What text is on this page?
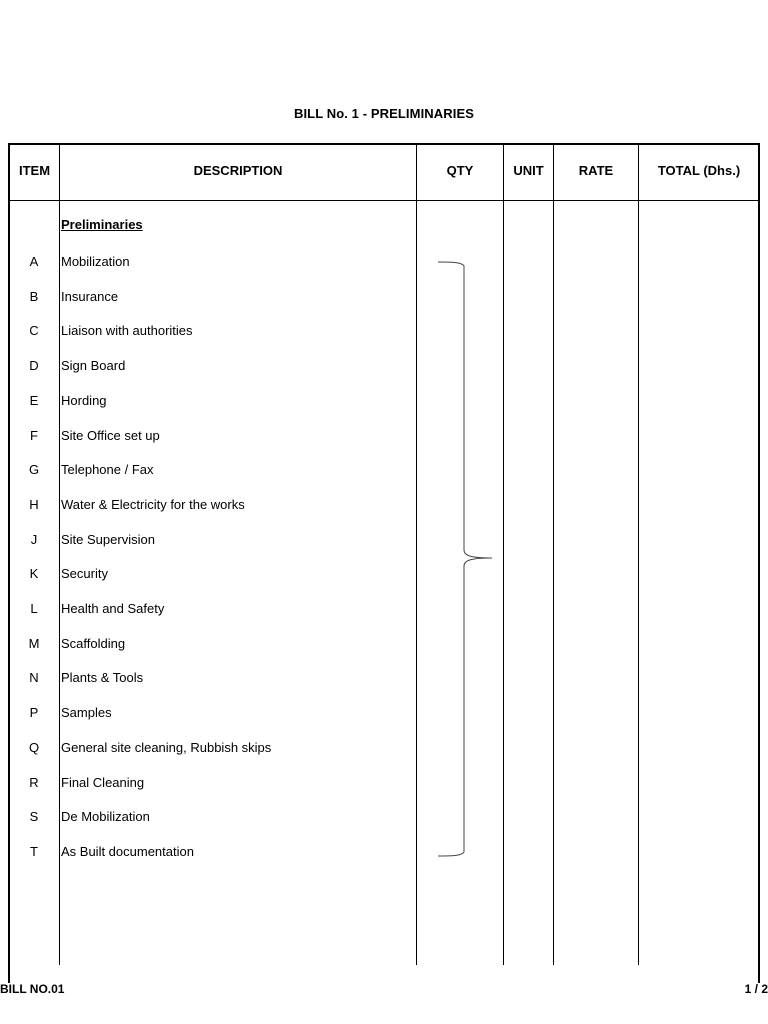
BILL No. 1 - PRELIMINARIES
ITEM	DESCRIPTION	QTY	UNIT	RATE	TOTAL (Dhs.)
Preliminaries
A	Mobilization
B	Insurance
C	Liaison with authorities
D	Sign Board
E	Hording
F	Site Office set up
G	Telephone / Fax
H	Water & Electricity for the works
J	Site Supervision
K	Security
L	Health and Safety
M	Scaffolding
N	Plants & Tools
P	Samples
Q	General site cleaning, Rubbish skips
R	Final Cleaning
S	De Mobilization
T	As Built documentation
BILL NO.01	1 / 2
